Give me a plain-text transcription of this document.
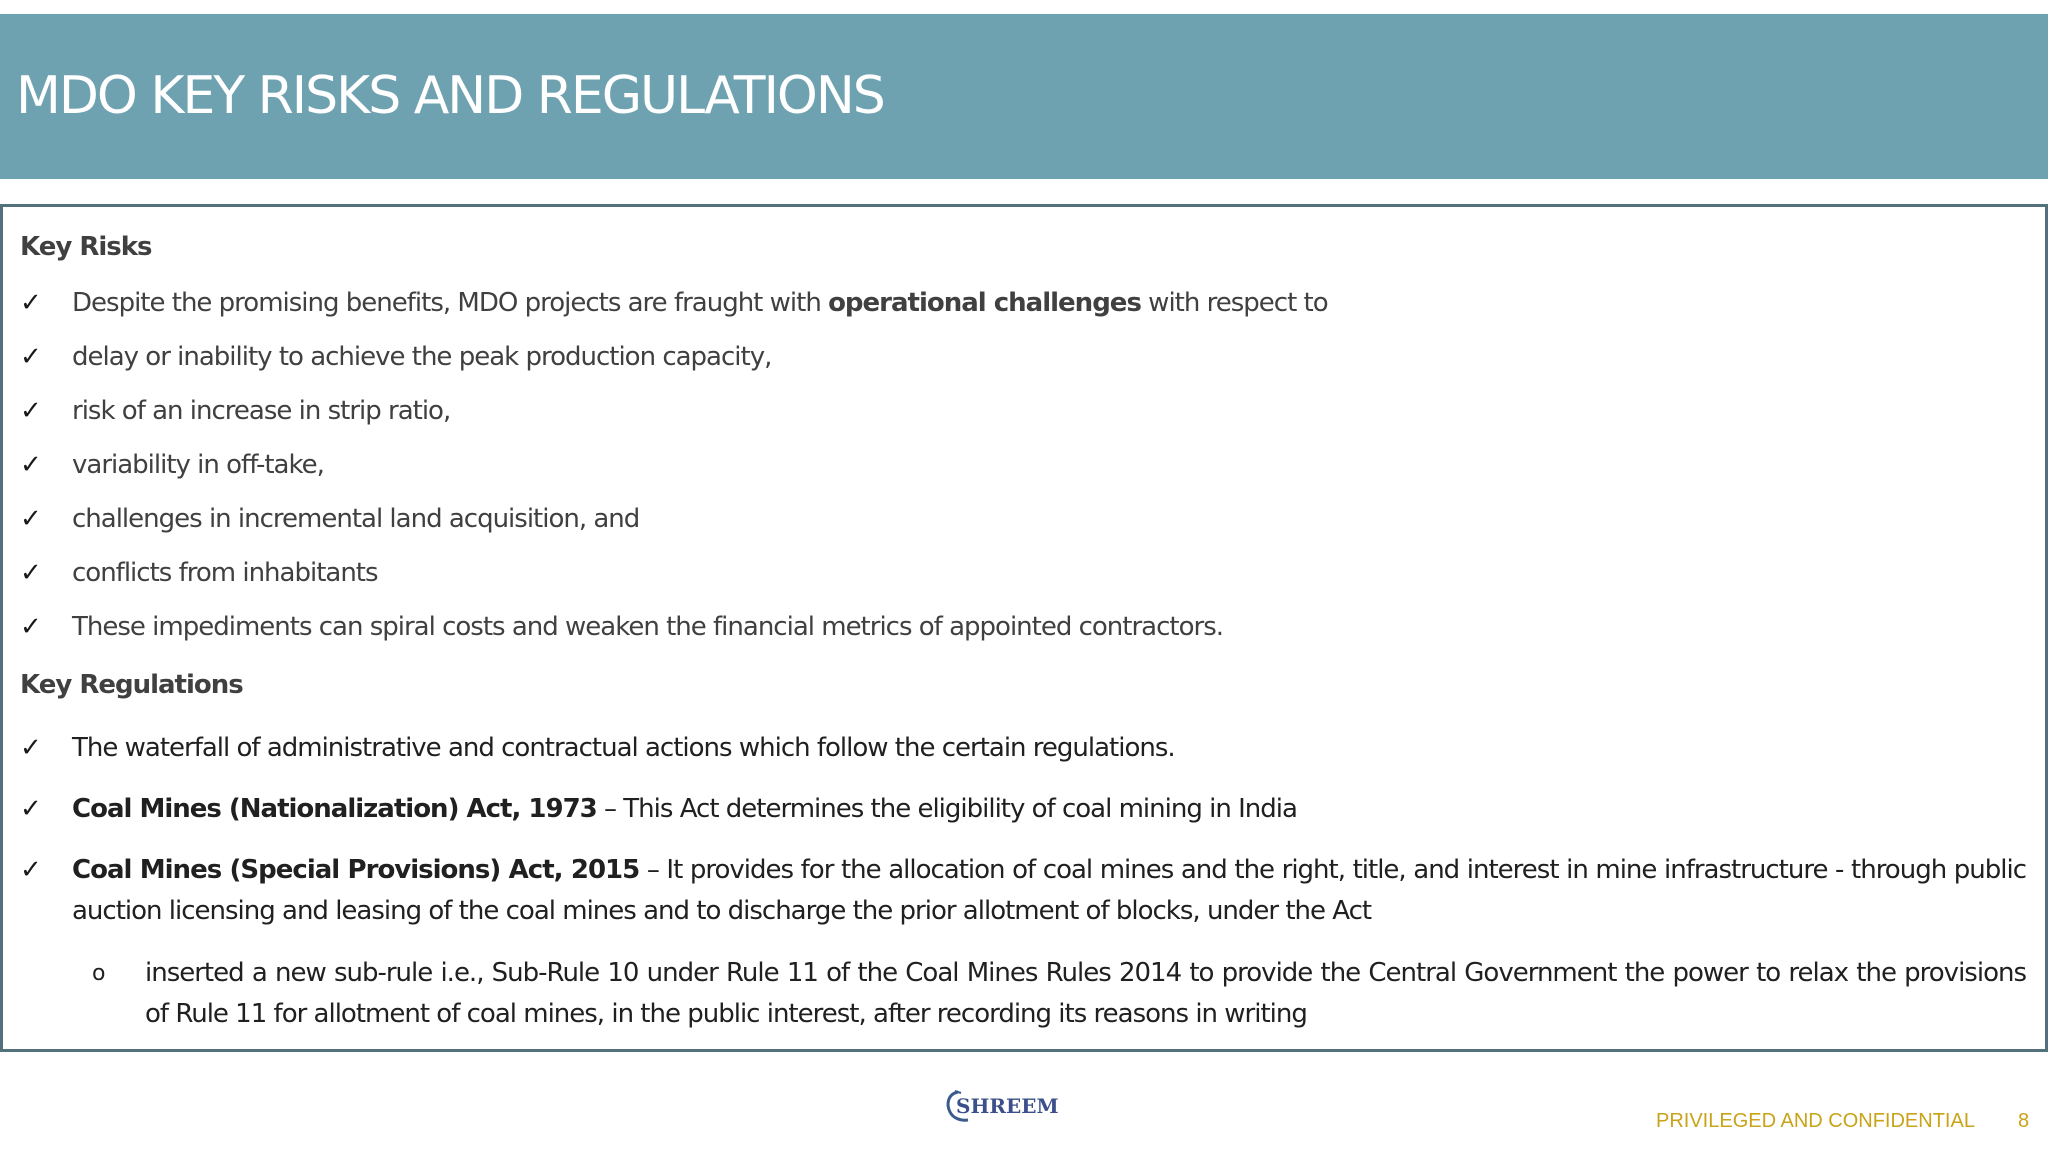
MDO KEY RISKS AND REGULATIONS
Key Risks
✓	Despite the promising benefits, MDO projects are fraught with operational challenges with respect to
✓	delay or inability to achieve the peak production capacity,
✓	risk of an increase in strip ratio,
✓	variability in off-take,
✓	challenges in incremental land acquisition, and
✓	conflicts from inhabitants
✓	These impediments can spiral costs and weaken the financial metrics of appointed contractors.
Key Regulations
✓	The waterfall of administrative and contractual actions which follow the certain regulations.
✓	Coal Mines (Nationalization) Act, 1973 – This Act determines the eligibility of coal mining in India
✓	Coal Mines (Special Provisions) Act, 2015 – It provides for the allocation of coal mines and the right, title, and interest in mine infrastructure - through public auction licensing and leasing of the coal mines and to discharge the prior allotment of blocks, under the Act
o inserted a new sub-rule i.e., Sub-Rule 10 under Rule 11 of the Coal Mines Rules 2014 to provide the Central Government the power to relax the provisions of Rule 11 for allotment of coal mines, in the public interest, after recording its reasons in writing
SHREEM
PRIVILEGED AND CONFIDENTIAL 8
